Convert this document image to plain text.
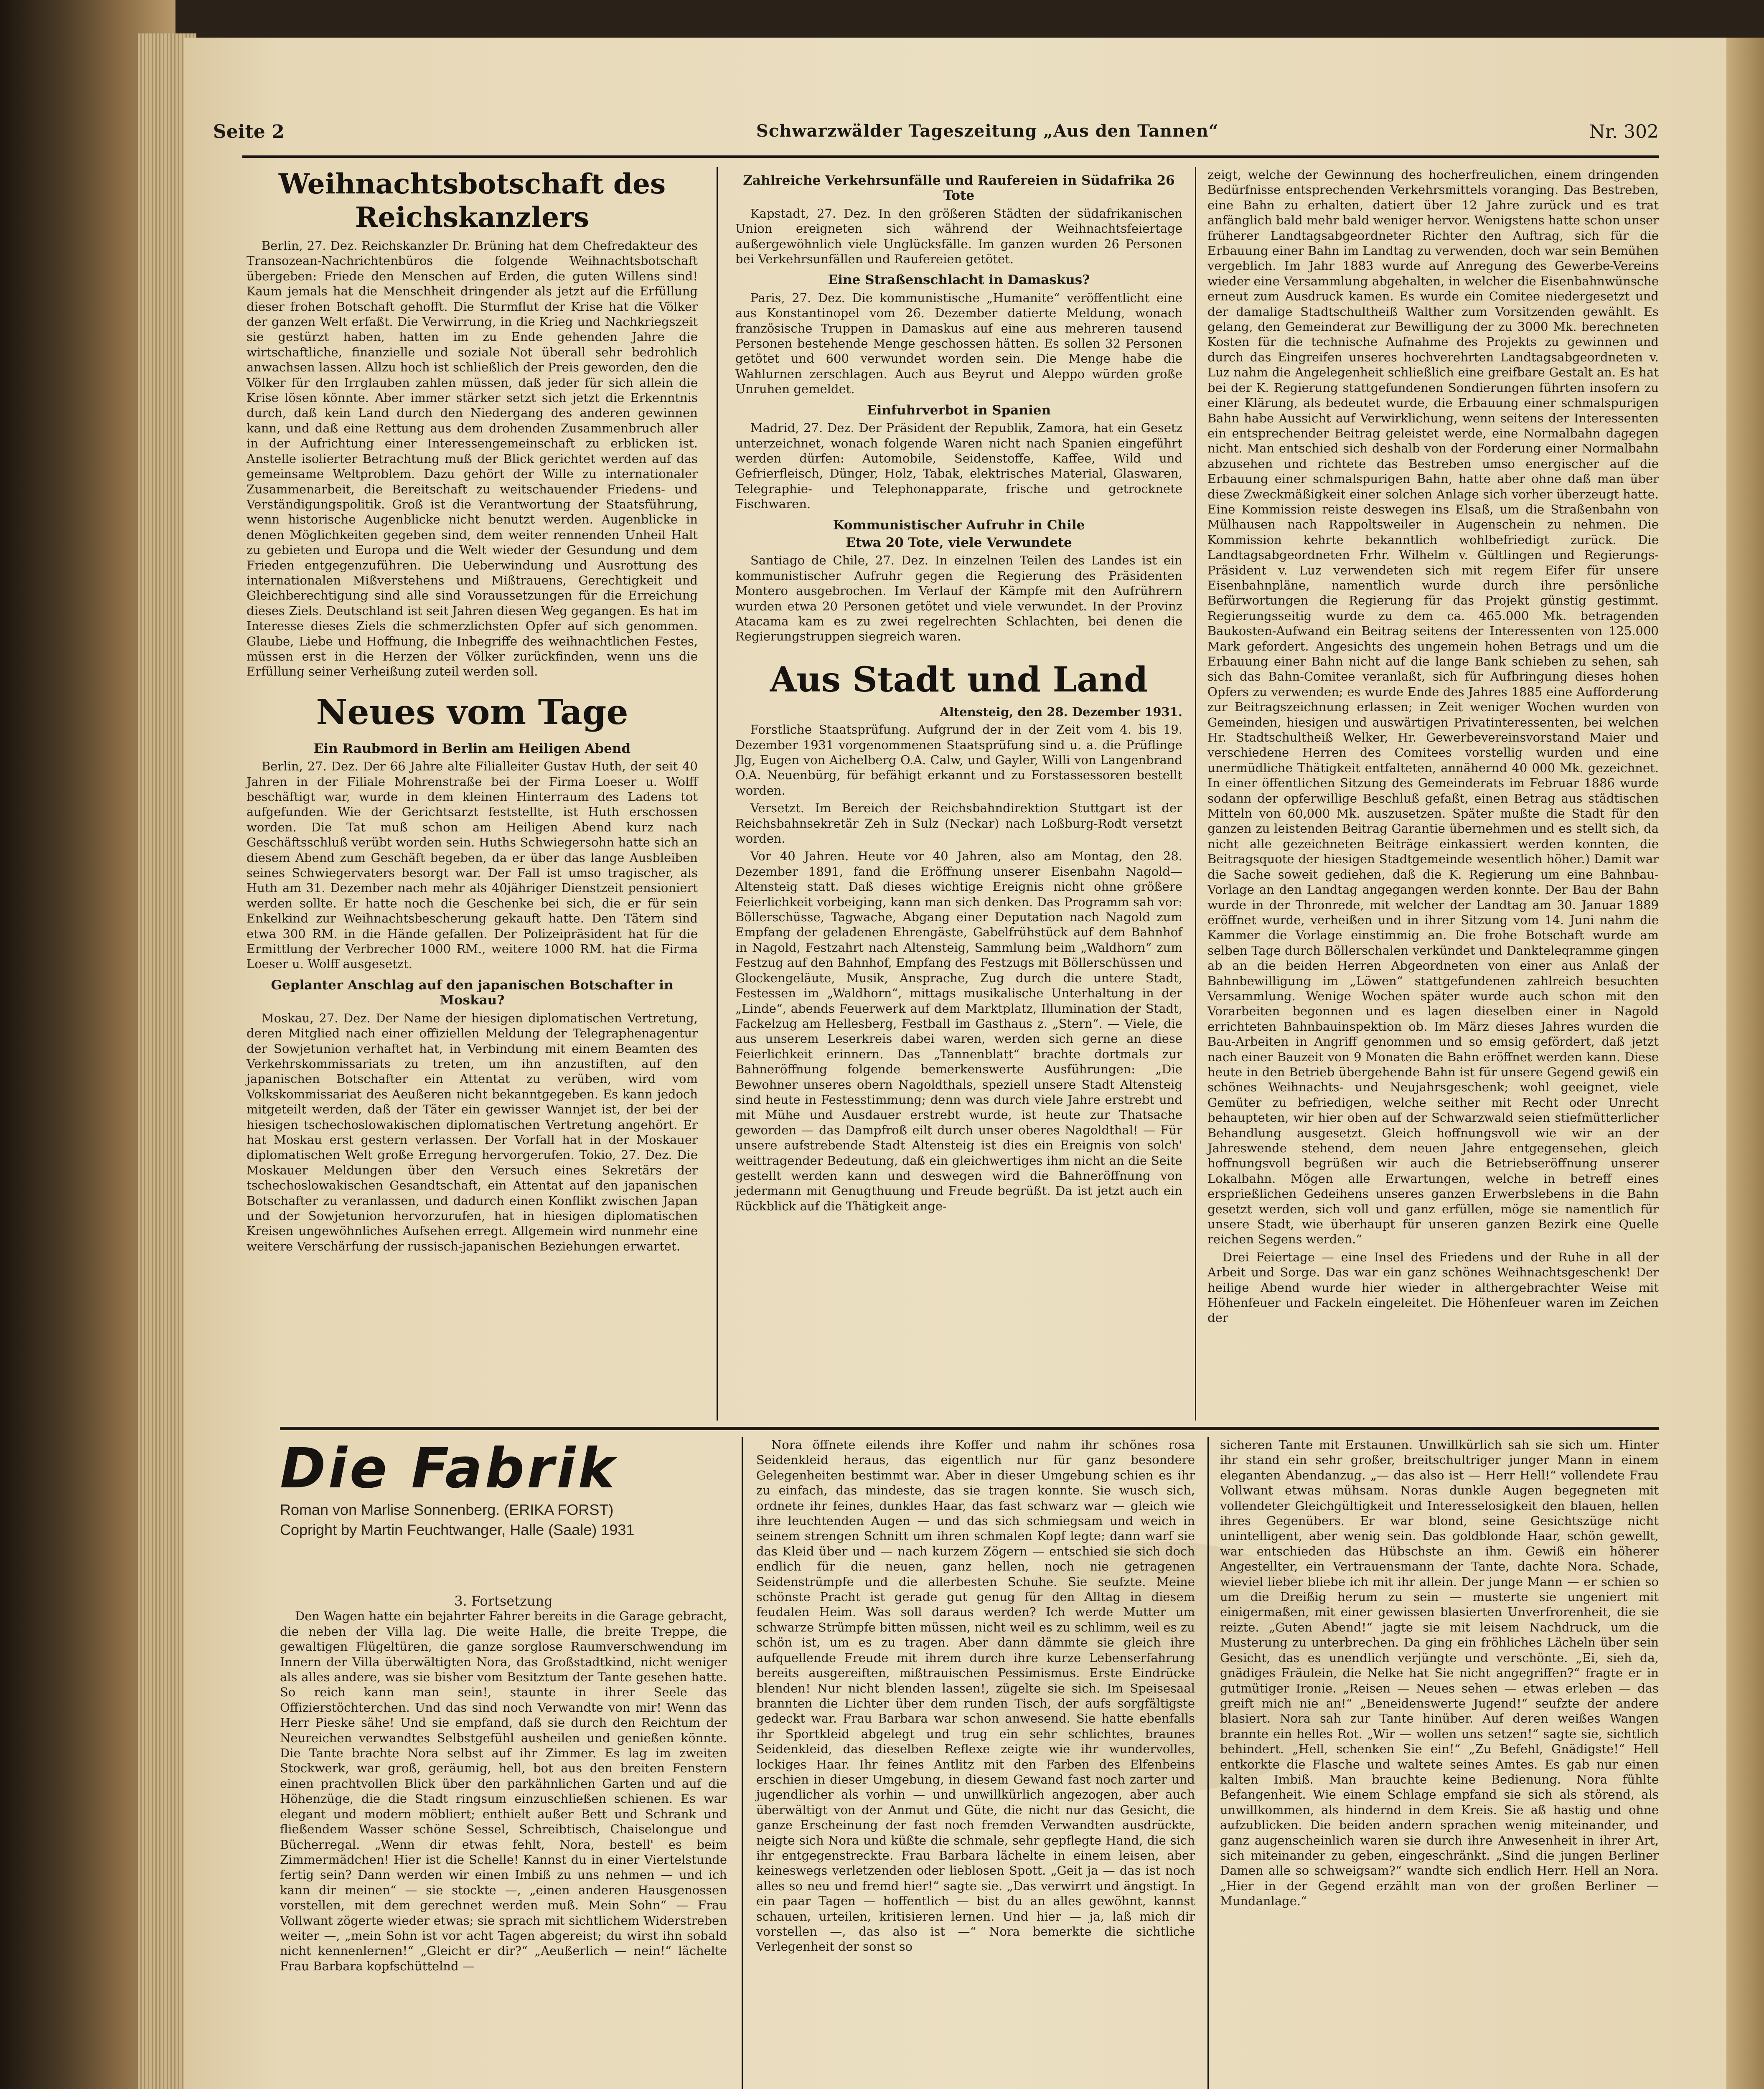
Seite 2	Schwarzwälder Tageszeitung „Aus den Tannen“	Nr. 302
Weihnachtsbotschaft des Reichskanzlers

Berlin, 27. Dez. Reichskanzler Dr. Brüning hat dem Chefredakteur des Transozean-Nachrichtenbüros die folgende Weihnachtsbotschaft übergeben: Friede den Menschen auf Erden, die guten Willens sind! Kaum jemals hat die Menschheit dringender als jetzt auf die Erfüllung dieser frohen Botschaft gehofft. Die Sturmflut der Krise hat die Völker der ganzen Welt erfaßt. Die Verwirrung, in die Krieg und Nachkriegszeit sie gestürzt haben, hatten im zu Ende gehenden Jahre die wirtschaftliche, finanzielle und soziale Not überall sehr bedrohlich anwachsen lassen. Allzu hoch ist schließlich der Preis geworden, den die Völker für den Irrglauben zahlen müssen, daß jeder für sich allein die Krise lösen könnte. Aber immer stärker setzt sich jetzt die Erkenntnis durch, daß kein Land durch den Niedergang des anderen gewinnen kann, und daß eine Rettung aus dem drohenden Zusammenbruch aller in der Aufrichtung einer Interessengemeinschaft zu erblicken ist. Anstelle isolierter Betrachtung muß der Blick gerichtet werden auf das gemeinsame Weltproblem. Dazu gehört der Wille zu internationaler Zusammenarbeit, die Bereitschaft zu weitschauender Friedens- und Verständigungspolitik. Groß ist die Verantwortung der Staatsführung, wenn historische Augenblicke nicht benutzt werden. Augenblicke in denen Möglichkeiten gegeben sind, dem weiter rennenden Unheil Halt zu gebieten und Europa und die Welt wieder der Gesundung und dem Frieden entgegenzuführen. Die Ueberwindung und Ausrottung des internationalen Mißverstehens und Mißtrauens, Gerechtigkeit und Gleichberechtigung sind alle sind Voraussetzungen für die Erreichung dieses Ziels. Deutschland ist seit Jahren diesen Weg gegangen. Es hat im Interesse dieses Ziels die schmerzlichsten Opfer auf sich genommen. Glaube, Liebe und Hoffnung, die Inbegriffe des weihnachtlichen Festes, müssen erst in die Herzen der Völker zurückfinden, wenn uns die Erfüllung seiner Verheißung zuteil werden soll.

Neues vom Tage
Ein Raubmord in Berlin am Heiligen Abend

Berlin, 27. Dez. Der 66 Jahre alte Filialleiter Gustav Huth, der seit 40 Jahren in der Filiale Mohrenstraße bei der Firma Loeser u. Wolff beschäftigt war, wurde in dem kleinen Hinterraum des Ladens tot aufgefunden. Wie der Gerichtsarzt feststellte, ist Huth erschossen worden. Die Tat muß schon am Heiligen Abend kurz nach Geschäftsschluß verübt worden sein. Huths Schwiegersohn hatte sich an diesem Abend zum Geschäft begeben, da er über das lange Ausbleiben seines Schwiegervaters besorgt war. Der Fall ist umso tragischer, als Huth am 31. Dezember nach mehr als 40jähriger Dienstzeit pensioniert werden sollte. Er hatte noch die Geschenke bei sich, die er für sein Enkelkind zur Weihnachtsbescherung gekauft hatte. Den Tätern sind etwa 300 RM. in die Hände gefallen. Der Polizeipräsident hat für die Ermittlung der Verbrecher 1000 RM., weitere 1000 RM. hat die Firma Loeser u. Wolff ausgesetzt.

Geplanter Anschlag auf den japanischen Botschafter in Moskau?

Moskau, 27. Dez. Der Name der hiesigen diplomatischen Vertretung, deren Mitglied nach einer offiziellen Meldung der Telegraphenagentur der Sowjetunion verhaftet hat, in Verbindung mit einem Beamten des Verkehrskommissariats zu treten, um ihn anzustiften, auf den japanischen Botschafter ein Attentat zu verüben, wird vom Volkskommissariat des Aeußeren nicht bekanntgegeben. Es kann jedoch mitgeteilt werden, daß der Täter ein gewisser Wannjet ist, der bei der hiesigen tschechoslowakischen diplomatischen Vertretung angehört. Er hat Moskau erst gestern verlassen. Der Vorfall hat in der Moskauer diplomatischen Welt große Erregung hervorgerufen. Tokio, 27. Dez. Die Moskauer Meldungen über den Versuch eines Sekretärs der tschechoslowakischen Gesandtschaft, ein Attentat auf den japanischen Botschafter zu veranlassen, und dadurch einen Konflikt zwischen Japan und der Sowjetunion hervorzurufen, hat in hiesigen diplomatischen Kreisen ungewöhnliches Aufsehen erregt. Allgemein wird nunmehr eine weitere Verschärfung der russisch-japanischen Beziehungen erwartet.

Zahlreiche Verkehrsunfälle und Raufereien in Südafrika 26 Tote

Kapstadt, 27. Dez. In den größeren Städten der südafrikanischen Union ereigneten sich während der Weihnachtsfeiertage außergewöhnlich viele Unglücksfälle. Im ganzen wurden 26 Personen bei Verkehrsunfällen und Raufereien getötet.

Eine Straßenschlacht in Damaskus?

Paris, 27. Dez. Die kommunistische „Humanite“ veröffentlicht eine aus Konstantinopel vom 26. Dezember datierte Meldung, wonach französische Truppen in Damaskus auf eine aus mehreren tausend Personen bestehende Menge geschossen hätten. Es sollen 32 Personen getötet und 600 verwundet worden sein. Die Menge habe die Wahlurnen zerschlagen. Auch aus Beyrut und Aleppo würden große Unruhen gemeldet.

Einfuhrverbot in Spanien

Madrid, 27. Dez. Der Präsident der Republik, Zamora, hat ein Gesetz unterzeichnet, wonach folgende Waren nicht nach Spanien eingeführt werden dürfen: Automobile, Seidenstoffe, Kaffee, Wild und Gefrierfleisch, Dünger, Holz, Tabak, elektrisches Material, Glaswaren, Telegraphie- und Telephonapparate, frische und getrocknete Fischwaren.

Kommunistischer Aufruhr in Chile
Etwa 20 Tote, viele Verwundete

Santiago de Chile, 27. Dez. In einzelnen Teilen des Landes ist ein kommunistischer Aufruhr gegen die Regierung des Präsidenten Montero ausgebrochen. Im Verlauf der Kämpfe mit den Aufrührern wurden etwa 20 Personen getötet und viele verwundet. In der Provinz Atacama kam es zu zwei regelrechten Schlachten, bei denen die Regierungstruppen siegreich waren.

Aus Stadt und Land
Altensteig, den 28. Dezember 1931.

Forstliche Staatsprüfung. Aufgrund der in der Zeit vom 4. bis 19. Dezember 1931 vorgenommenen Staatsprüfung sind u. a. die Prüflinge Jlg, Eugen von Aichelberg O.A. Calw, und Gayler, Willi von Langenbrand O.A. Neuenbürg, für befähigt erkannt und zu Forstassessoren bestellt worden.

Versetzt. Im Bereich der Reichsbahndirektion Stuttgart ist der Reichsbahnsekretär Zeh in Sulz (Neckar) nach Loßburg-Rodt versetzt worden.

Vor 40 Jahren. Heute vor 40 Jahren, also am Montag, den 28. Dezember 1891, fand die Eröffnung unserer Eisenbahn Nagold—Altensteig statt. Daß dieses wichtige Ereignis nicht ohne größere Feierlichkeit vorbeiging, kann man sich denken. Das Programm sah vor: Böllerschüsse, Tagwache, Abgang einer Deputation nach Nagold zum Empfang der geladenen Ehrengäste, Gabelfrühstück auf dem Bahnhof in Nagold, Festzahrt nach Altensteig, Sammlung beim „Waldhorn“ zum Festzug auf den Bahnhof, Empfang des Festzugs mit Böllerschüssen und Glockengeläute, Musik, Ansprache, Zug durch die untere Stadt, Festessen im „Waldhorn“, mittags musikalische Unterhaltung in der „Linde“, abends Feuerwerk auf dem Marktplatz, Illumination der Stadt, Fackelzug am Hellesberg, Festball im Gasthaus z. „Stern“. — Viele, die aus unserem Leserkreis dabei waren, werden sich gerne an diese Feierlichkeit erinnern. Das „Tannenblatt“ brachte dortmals zur Bahneröffnung folgende bemerkenswerte Ausführungen: „Die Bewohner unseres obern Nagoldthals, speziell unsere Stadt Altensteig sind heute in Festesstimmung; denn was durch viele Jahre erstrebt und mit Mühe und Ausdauer erstrebt wurde, ist heute zur Thatsache geworden — das Dampfroß eilt durch unser oberes Nagoldthal! — Für unsere aufstrebende Stadt Altensteig ist dies ein Ereignis von solch' weittragender Bedeutung, daß ein gleichwertiges ihm nicht an die Seite gestellt werden kann und deswegen wird die Bahneröffnung von jedermann mit Genugthuung und Freude begrüßt. Da ist jetzt auch ein Rückblick auf die Thätigkeit ange-

zeigt, welche der Gewinnung des hocherfreulichen, einem dringenden Bedürfnisse entsprechenden Verkehrsmittels voranging. Das Bestreben, eine Bahn zu erhalten, datiert über 12 Jahre zurück und es trat anfänglich bald mehr bald weniger hervor. Wenigstens hatte schon unser früherer Landtagsabgeordneter Richter den Auftrag, sich für die Erbauung einer Bahn im Landtag zu verwenden, doch war sein Bemühen vergeblich. Im Jahr 1883 wurde auf Anregung des Gewerbe-Vereins wieder eine Versammlung abgehalten, in welcher die Eisenbahnwünsche erneut zum Ausdruck kamen. Es wurde ein Comitee niedergesetzt und der damalige Stadtschultheiß Walther zum Vorsitzenden gewählt. Es gelang, den Gemeinderat zur Bewilligung der zu 3000 Mk. berechneten Kosten für die technische Aufnahme des Projekts zu gewinnen und durch das Eingreifen unseres hochverehrten Landtagsabgeordneten v. Luz nahm die Angelegenheit schließlich eine greifbare Gestalt an. Es hat bei der K. Regierung stattgefundenen Sondierungen führten insofern zu einer Klärung, als bedeutet wurde, die Erbauung einer schmalspurigen Bahn habe Aussicht auf Verwirklichung, wenn seitens der Interessenten ein entsprechender Beitrag geleistet werde, eine Normalbahn dagegen nicht. Man entschied sich deshalb von der Forderung einer Normalbahn abzusehen und richtete das Bestreben umso energischer auf die Erbauung einer schmalspurigen Bahn, hatte aber ohne daß man über diese Zweckmäßigkeit einer solchen Anlage sich vorher überzeugt hatte. Eine Kommission reiste deswegen ins Elsaß, um die Straßenbahn von Mülhausen nach Rappoltsweiler in Augenschein zu nehmen. Die Kommission kehrte bekanntlich wohlbefriedigt zurück. Die Landtagsabgeordneten Frhr. Wilhelm v. Gültlingen und Regierungs-Präsident v. Luz verwendeten sich mit regem Eifer für unsere Eisenbahnpläne, namentlich wurde durch ihre persönliche Befürwortungen die Regierung für das Projekt günstig gestimmt. Regierungsseitig wurde zu dem ca. 465.000 Mk. betragenden Baukosten-Aufwand ein Beitrag seitens der Interessenten von 125.000 Mark gefordert. Angesichts des ungemein hohen Betrags und um die Erbauung einer Bahn nicht auf die lange Bank schieben zu sehen, sah sich das Bahn-Comitee veranlaßt, sich für Aufbringung dieses hohen Opfers zu verwenden; es wurde Ende des Jahres 1885 eine Aufforderung zur Beitragszeichnung erlassen; in Zeit weniger Wochen wurden von Gemeinden, hiesigen und auswärtigen Privatinteressenten, bei welchen Hr. Stadtschultheiß Welker, Hr. Gewerbevereinsvorstand Maier und verschiedene Herren des Comitees vorstellig wurden und eine unermüdliche Thätigkeit entfalteten, annähernd 40 000 Mk. gezeichnet. In einer öffentlichen Sitzung des Gemeinderats im Februar 1886 wurde sodann der opferwillige Beschluß gefaßt, einen Betrag aus städtischen Mitteln von 60,000 Mk. auszusetzen. Später mußte die Stadt für den ganzen zu leistenden Beitrag Garantie übernehmen und es stellt sich, da nicht alle gezeichneten Beiträge einkassiert werden konnten, die Beitragsquote der hiesigen Stadtgemeinde wesentlich höher.) Damit war die Sache soweit gediehen, daß die K. Regierung um eine Bahnbau-Vorlage an den Landtag angegangen werden konnte. Der Bau der Bahn wurde in der Thronrede, mit welcher der Landtag am 30. Januar 1889 eröffnet wurde, verheißen und in ihrer Sitzung vom 14. Juni nahm die Kammer die Vorlage einstimmig an. Die frohe Botschaft wurde am selben Tage durch Böllerschalen verkündet und Dankteleqramme gingen ab an die beiden Herren Abgeordneten von einer aus Anlaß der Bahnbewilligung im „Löwen“ stattgefundenen zahlreich besuchten Versammlung. Wenige Wochen später wurde auch schon mit den Vorarbeiten begonnen und es lagen dieselben einer in Nagold errichteten Bahnbauinspektion ob. Im März dieses Jahres wurden die Bau-Arbeiten in Angriff genommen und so emsig gefördert, daß jetzt nach einer Bauzeit von 9 Monaten die Bahn eröffnet werden kann. Diese heute in den Betrieb übergehende Bahn ist für unsere Gegend gewiß ein schönes Weihnachts- und Neujahrsgeschenk; wohl geeignet, viele Gemüter zu befriedigen, welche seither mit Recht oder Unrecht behaupteten, wir hier oben auf der Schwarzwald seien stiefmütterlicher Behandlung ausgesetzt. Gleich hoffnungsvoll wie wir an der Jahreswende stehend, dem neuen Jahre entgegensehen, gleich hoffnungsvoll begrüßen wir auch die Betriebseröffnung unserer Lokalbahn. Mögen alle Erwartungen, welche in betreff eines ersprießlichen Gedeihens unseres ganzen Erwerbslebens in die Bahn gesetzt werden, sich voll und ganz erfüllen, möge sie namentlich für unsere Stadt, wie überhaupt für unseren ganzen Bezirk eine Quelle reichen Segens werden.“

Drei Feiertage — eine Insel des Friedens und der Ruhe in all der Arbeit und Sorge. Das war ein ganz schönes Weihnachtsgeschenk! Der heilige Abend wurde hier wieder in althergebrachter Weise mit Höhenfeuer und Fackeln eingeleitet. Die Höhenfeuer waren im Zeichen der

Die Fabrik
Roman von Marlise Sonnenberg. (ERIKA FORST)
Copright by Martin Feuchtwanger, Halle (Saale) 1931
3. Fortsetzung

Den Wagen hatte ein bejahrter Fahrer bereits in die Garage gebracht, die neben der Villa lag. Die weite Halle, die breite Treppe, die gewaltigen Flügeltüren, die ganze sorglose Raumverschwendung im Innern der Villa überwältigten Nora, das Großstadtkind, nicht weniger als alles andere, was sie bisher vom Besitztum der Tante gesehen hatte. So reich kann man sein!, staunte in ihrer Seele das Offizierstöchterchen. Und das sind noch Verwandte von mir! Wenn das Herr Pieske sähe! Und sie empfand, daß sie durch den Reichtum der Neureichen verwandtes Selbstgefühl ausheilen und genießen könnte. Die Tante brachte Nora selbst auf ihr Zimmer. Es lag im zweiten Stockwerk, war groß, geräumig, hell, bot aus den breiten Fenstern einen prachtvollen Blick über den parkähnlichen Garten und auf die Höhenzüge, die die Stadt ringsum einzuschließen schienen. Es war elegant und modern möbliert; enthielt außer Bett und Schrank und fließendem Wasser schöne Sessel, Schreibtisch, Chaiselongue und Bücherregal. „Wenn dir etwas fehlt, Nora, bestell' es beim Zimmermädchen! Hier ist die Schelle! Kannst du in einer Viertelstunde fertig sein? Dann werden wir einen Imbiß zu uns nehmen — und ich kann dir meinen“ — sie stockte —, „einen anderen Hausgenossen vorstellen, mit dem gerechnet werden muß. Mein Sohn“ — Frau Vollwant zögerte wieder etwas; sie sprach mit sichtlichem Widerstreben weiter —, „mein Sohn ist vor acht Tagen abgereist; du wirst ihn sobald nicht kennenlernen!“ „Gleicht er dir?“ „Aeußerlich — nein!“ lächelte Frau Barbara kopfschüttelnd —

Nora öffnete eilends ihre Koffer und nahm ihr schönes rosa Seidenkleid heraus, das eigentlich nur für ganz besondere Gelegenheiten bestimmt war. Aber in dieser Umgebung schien es ihr zu einfach, das mindeste, das sie tragen konnte. Sie wusch sich, ordnete ihr feines, dunkles Haar, das fast schwarz war — gleich wie ihre leuchtenden Augen — und das sich schmiegsam und weich in seinem strengen Schnitt um ihren schmalen Kopf legte; dann warf sie das Kleid über und — nach kurzem Zögern — entschied sie sich doch endlich für die neuen, ganz hellen, noch nie getragenen Seidenstrümpfe und die allerbesten Schuhe. Sie seufzte. Meine schönste Pracht ist gerade gut genug für den Alltag in diesem feudalen Heim. Was soll daraus werden? Ich werde Mutter um schwarze Strümpfe bitten müssen, nicht weil es zu schlimm, weil es zu schön ist, um es zu tragen. Aber dann dämmte sie gleich ihre aufquellende Freude mit ihrem durch ihre kurze Lebenserfahrung bereits ausgereiften, mißtrauischen Pessimismus. Erste Eindrücke blenden! Nur nicht blenden lassen!, zügelte sie sich. Im Speisesaal brannten die Lichter über dem runden Tisch, der aufs sorgfältigste gedeckt war. Frau Barbara war schon anwesend. Sie hatte ebenfalls ihr Sportkleid abgelegt und trug ein sehr schlichtes, braunes Seidenkleid, das dieselben Reflexe zeigte wie ihr wundervolles, lockiges Haar. Ihr feines Antlitz mit den Farben des Elfenbeins erschien in dieser Umgebung, in diesem Gewand fast noch zarter und jugendlicher als vorhin — und unwillkürlich angezogen, aber auch überwältigt von der Anmut und Güte, die nicht nur das Gesicht, die ganze Erscheinung der fast noch fremden Verwandten ausdrückte, neigte sich Nora und küßte die schmale, sehr gepflegte Hand, die sich ihr entgegenstreckte. Frau Barbara lächelte in einem leisen, aber keineswegs verletzenden oder lieblosen Spott. „Geit ja — das ist noch alles so neu und fremd hier!“ sagte sie. „Das verwirrt und ängstigt. In ein paar Tagen — hoffentlich — bist du an alles gewöhnt, kannst schauen, urteilen, kritisieren lernen. Und hier — ja, laß mich dir vorstellen —, das also ist —“ Nora bemerkte die sichtliche Verlegenheit der sonst so

sicheren Tante mit Erstaunen. Unwillkürlich sah sie sich um. Hinter ihr stand ein sehr großer, breitschultriger junger Mann in einem eleganten Abendanzug. „— das also ist — Herr Hell!“ vollendete Frau Vollwant etwas mühsam. Noras dunkle Augen begegneten mit vollendeter Gleichgültigkeit und Interesselosigkeit den blauen, hellen ihres Gegenübers. Er war blond, seine Gesichtszüge nicht unintelligent, aber wenig sein. Das goldblonde Haar, schön gewellt, war entschieden das Hübschste an ihm. Gewiß ein höherer Angestellter, ein Vertrauensmann der Tante, dachte Nora. Schade, wieviel lieber bliebe ich mit ihr allein. Der junge Mann — er schien so um die Dreißig herum zu sein — musterte sie ungeniert mit einigermaßen, mit einer gewissen blasierten Unverfrorenheit, die sie reizte. „Guten Abend!“ jagte sie mit leisem Nachdruck, um die Musterung zu unterbrechen. Da ging ein fröhliches Lächeln über sein Gesicht, das es unendlich verjüngte und verschönte. „Ei, sieh da, gnädiges Fräulein, die Nelke hat Sie nicht angegriffen?“ fragte er in gutmütiger Ironie. „Reisen — Neues sehen — etwas erleben — das greift mich nie an!“ „Beneidenswerte Jugend!“ seufzte der andere blasiert. Nora sah zur Tante hinüber. Auf deren weißes Wangen brannte ein helles Rot. „Wir — wollen uns setzen!“ sagte sie, sichtlich behindert. „Hell, schenken Sie ein!“ „Zu Befehl, Gnädigste!“ Hell entkorkte die Flasche und waltete seines Amtes. Es gab nur einen kalten Imbiß. Man brauchte keine Bedienung. Nora fühlte Befangenheit. Wie einem Schlage empfand sie sich als störend, als unwillkommen, als hindernd in dem Kreis. Sie aß hastig und ohne aufzublicken. Die beiden andern sprachen wenig miteinander, und ganz augenscheinlich waren sie durch ihre Anwesenheit in ihrer Art, sich miteinander zu geben, eingeschränkt. „Sind die jungen Berliner Damen alle so schweigsam?“ wandte sich endlich Herr. Hell an Nora. „Hier in der Gegend erzählt man von der großen Berliner — Mundanlage.“
